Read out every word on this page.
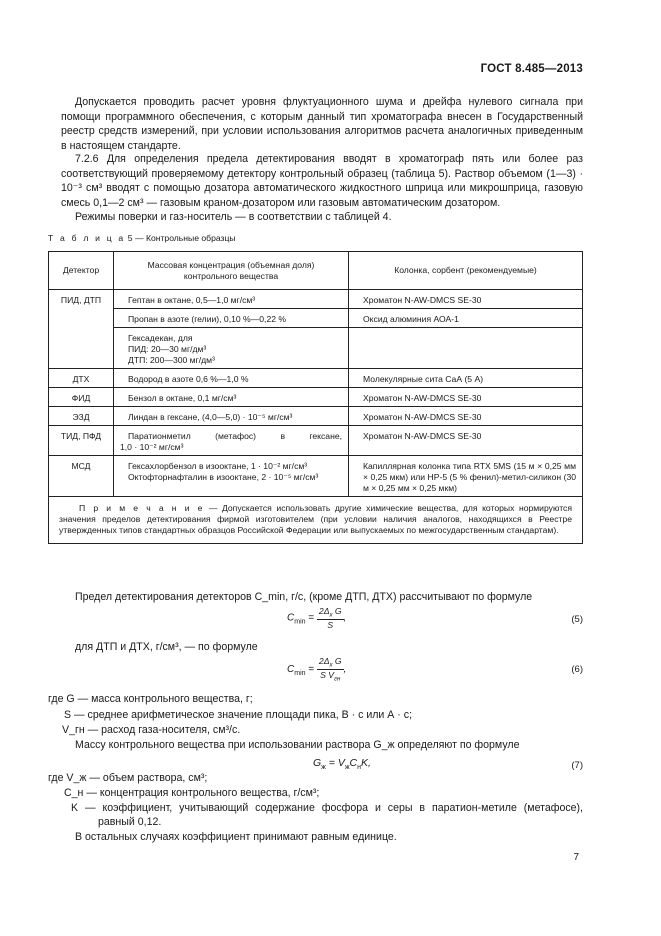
ГОСТ 8.485—2013

Допускается проводить расчет уровня флуктуационного шума и дрейфа нулевого сигнала при помощи программного обеспечения, с которым данный тип хроматографа внесен в Государственный реестр средств измерений, при условии использования алгоритмов расчета аналогичных приведенным в настоящем стандарте.

7.2.6 Для определения предела детектирования вводят в хроматограф пять или более раз соответствующий проверяемому детектору контрольный образец (таблица 5). Раствор объемом (1—3) · 10⁻³ см³ вводят с помощью дозатора автоматического жидкостного шприца или микрошприца, газовую смесь 0,1—2 см³ — газовым краном-дозатором или газовым автоматическим дозатором.

Режимы поверки и газ-носитель — в соответствии с таблицей 4.

Т а б л и ц а 5 — Контрольные образцы
Детектор	Массовая концентрация (объемная доля) контрольного вещества	Колонка, сорбент (рекомендуемые)
ПИД, ДТП	Гептан в октане, 0,5—1,0 мг/см³	Хроматон N-AW-DMCS SE-30

	Пропан в азоте (гелии), 0,10 %—0,22 %	Оксид алюминия АОА-1

	Гексадекан, для
ПИД: 20—30 мг/дм³
ДТП: 200—300 мг/дм³	

ДТХ	Водород в азоте 0,6 %—1,0 %	Молекулярные сита СаА (5 А)
ФИД	Бензол в октане, 0,1 мг/см³	Хроматон N-AW-DMCS SE-30
ЭЗД	Линдан в гексане, (4,0—5,0) · 10⁻⁵ мг/см³	Хроматон N-AW-DMCS SE-30
ТИД, ПФД	Паратионметил (метафос) в гексане,
1,0 · 10⁻² мг/см³	Хроматон N-AW-DMCS SE-30
МСД	Гексахлорбензол в изооктане, 1 · 10⁻² мг/см³
Октофторнафталин в изооктане, 2 · 10⁻⁵ мг/см³	Капиллярная колонка типа RTX 5MS (15 м × 0,25 мм × 0,25 мкм) или HP-5 (5 % фенил)-метил-силикон (30 м × 0,25 мм × 0,25 мкм)
П р и м е ч а н и е — Допускается использовать другие химические вещества, для которых нормируются значения пределов детектирования фирмой изготовителем (при условии наличия аналогов, находящихся в Реестре утвержденных типов стандартных образцов Российской Федерации или выпускаемых по межгосударственным стандартам).		
Предел детектирования детекторов C_min, г/с, (кроме ДТП, ДТХ) рассчитывают по формуле
$C_{min} = \frac{2\Delta_x G}{S}$ ,	(5)
для ДТП и ДТХ, г/см³, — по формуле
$C_{min} = \frac{2\Delta_x G}{S V_{гн}}$ ,	(6)
где G — масса контрольного вещества, г;
S — среднее арифметическое значение площади пика, В · с или А · с;
V_гн — расход газа-носителя, см³/с.
Массу контрольного вещества при использовании раствора G_ж определяют по формуле
$G_ж = V_жC_нK$,	(7)
где V_ж — объем раствора, см³;
C_н — концентрация контрольного вещества, г/см³;
K — коэффициент, учитывающий содержание фосфора и серы в паратион-метиле (метафосе),
равный 0,12.
В остальных случаях коэффициент принимают равным единице.
7
